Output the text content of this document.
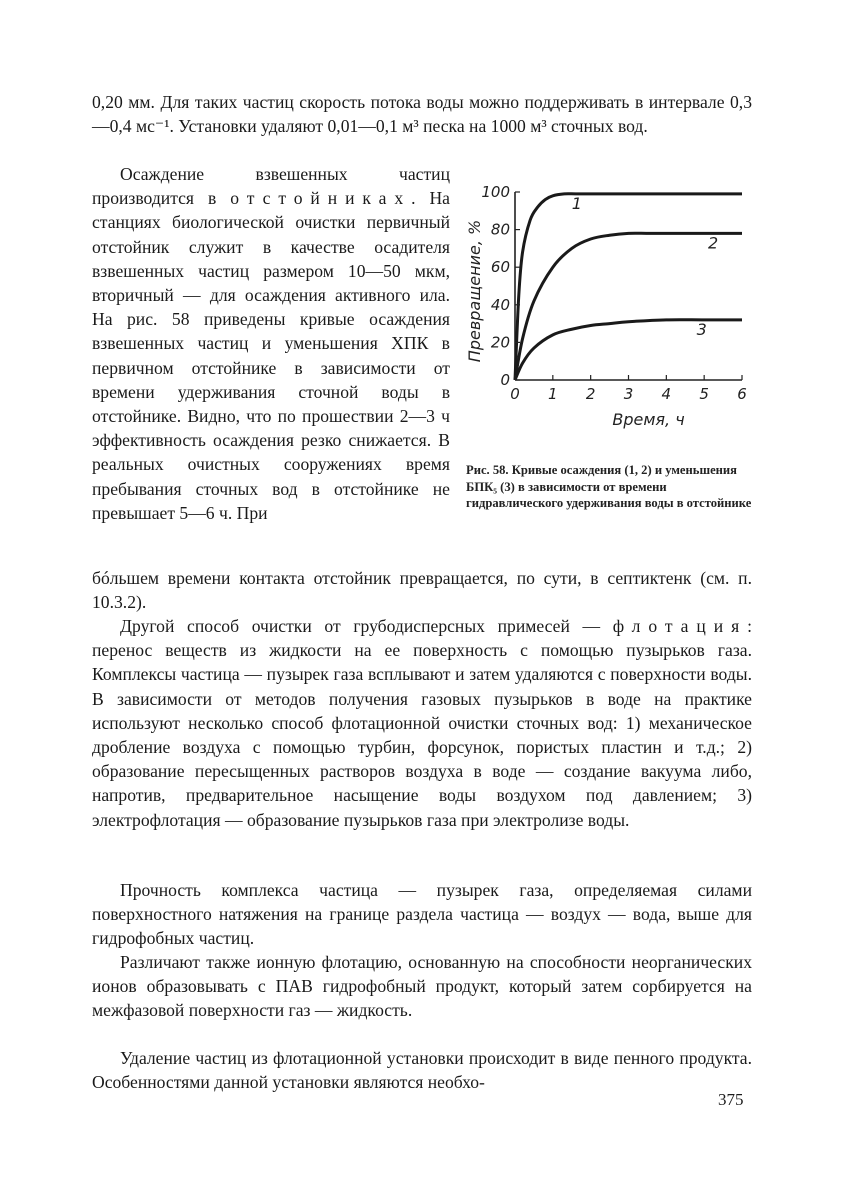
0,20 мм. Для таких частиц скорость потока воды можно поддерживать в интервале 0,3—0,4 мс⁻¹. Установки удаляют 0,01—0,1 м³ песка на 1000 м³ сточных вод.

Осаждение взвешенных частиц производится в отстойниках. На станциях биологической очистки первичный отстойник служит в качестве осадителя взвешенных частиц размером 10—50 мкм, вторичный — для осаждения активного ила. На рис. 58 приведены кривые осаждения взвешенных частиц и уменьшения ХПК в первичном отстойнике в зависимости от времени удерживания сточной воды в отстойнике. Видно, что по прошествии 2—3 ч эффективность осаждения резко снижается. В реальных очистных сооружениях время пребывания сточных вод в отстойнике не превышает 5—6 ч. При

бóльшем времени контакта отстойник превращается, по сути, в септиктенк (см. п. 10.3.2).

1
2
3
0 1 2 3 4 5 6
0
20
40
60
80
100
Время, ч
Превращение, %
Рис. 58. Кривые осаждения (1, 2) и уменьшения БПК₅ (3) в зависимости от времени гидравлического удерживания воды в отстойнике

Другой способ очистки от грубодисперсных примесей — флотация: перенос веществ из жидкости на ее поверхность с помощью пузырьков газа. Комплексы частица — пузырек газа всплывают и затем удаляются с поверхности воды. В зависимости от методов получения газовых пузырьков в воде на практике используют несколько способ флотационной очистки сточных вод: 1) механическое дробление воздуха с помощью турбин, форсунок, пористых пластин и т.д.; 2) образование пересыщенных растворов воздуха в воде — создание вакуума либо, напротив, предварительное насыщение воды воздухом под давлением; 3) электрофлотация — образование пузырьков газа при электролизе воды.

Прочность комплекса частица — пузырек газа, определяемая силами поверхностного натяжения на границе раздела частица — воздух — вода, выше для гидрофобных частиц.

Различают также ионную флотацию, основанную на способности неорганических ионов образовывать с ПАВ гидрофобный продукт, который затем сорбируется на межфазовой поверхности газ — жидкость.

Удаление частиц из флотационной установки происходит в виде пенного продукта. Особенностями данной установки являются необхо-

375
